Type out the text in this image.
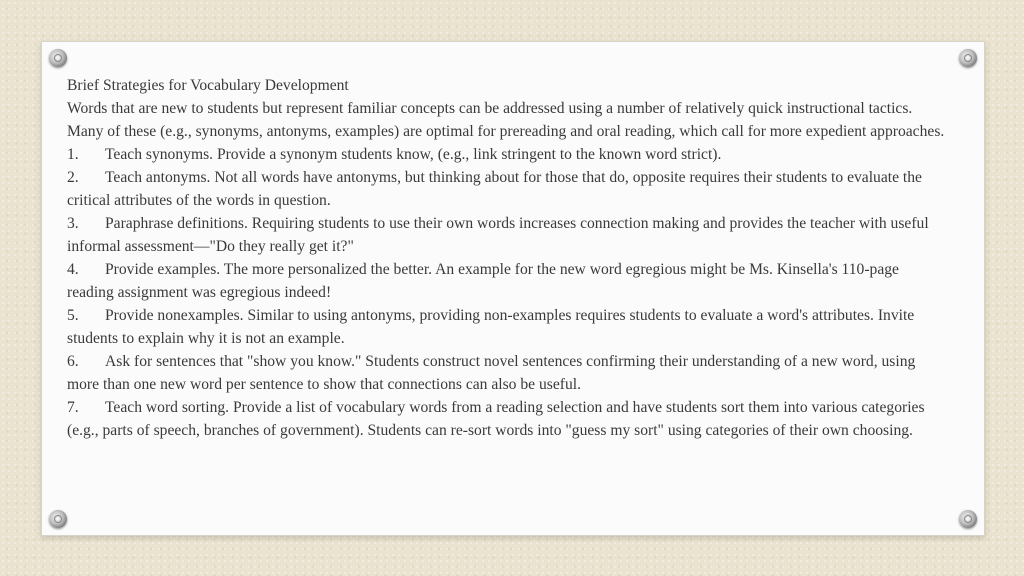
Brief Strategies for Vocabulary Development

Words that are new to students but represent familiar concepts can be addressed using a number of relatively quick instructional tactics. Many of these (e.g., synonyms, antonyms, examples) are optimal for prereading and oral reading, which call for more expedient approaches.

1. Teach synonyms. Provide a synonym students know, (e.g., link stringent to the known word strict).

2. Teach antonyms. Not all words have antonyms, but thinking about for those that do, opposite requires their students to evaluate the critical attributes of the words in question.

3. Paraphrase definitions. Requiring students to use their own words increases connection making and provides the teacher with useful informal assessment—"Do they really get it?"

4. Provide examples. The more personalized the better. An example for the new word egregious might be Ms. Kinsella's 110-page reading assignment was egregious indeed!

5. Provide nonexamples. Similar to using antonyms, providing non-examples requires students to evaluate a word's attributes. Invite students to explain why it is not an example.

6. Ask for sentences that "show you know." Students construct novel sentences confirming their understanding of a new word, using more than one new word per sentence to show that connections can also be useful.

7. Teach word sorting. Provide a list of vocabulary words from a reading selection and have students sort them into various categories (e.g., parts of speech, branches of government). Students can re-sort words into "guess my sort" using categories of their own choosing.
